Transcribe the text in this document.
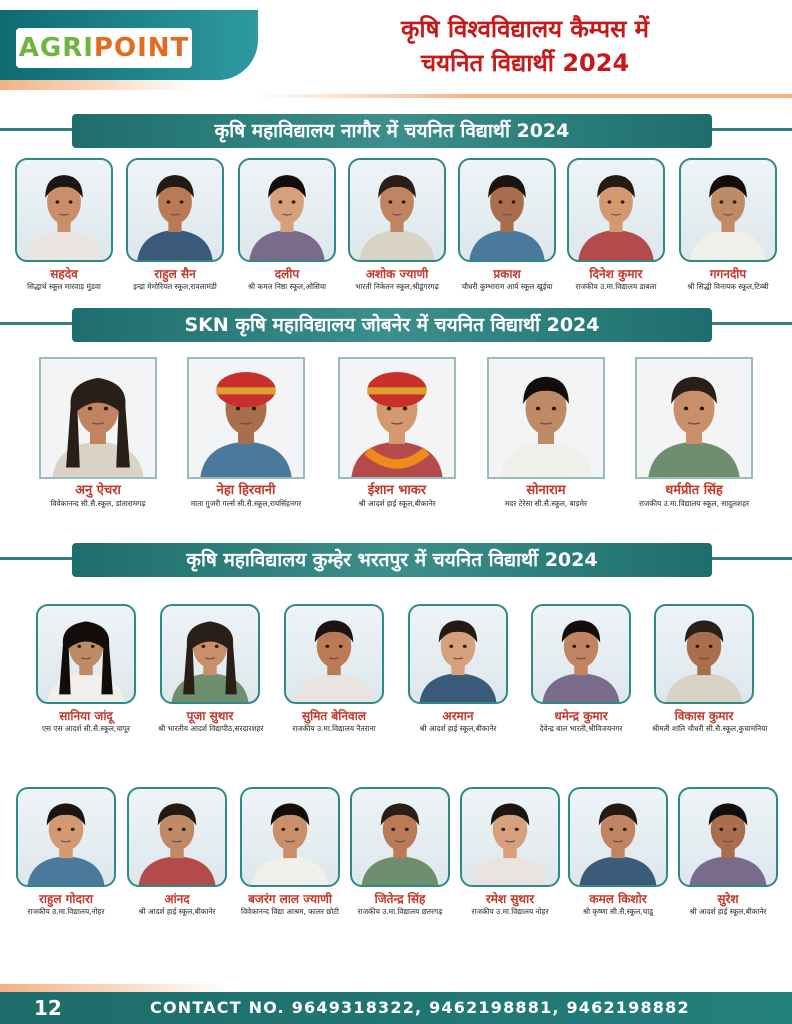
AGRI POINT
कृषि विश्वविद्यालय कैम्पस में
चयनित विद्यार्थी 2024
कृषि महाविद्यालय नागौर में चयनित विद्यार्थी 2024
सहदेव
सिद्धार्थ स्कूल मारवाड़ मुंडवा
राहुल सैन
इन्द्रा मेमोरियल स्कूल,रावलामंडी
दलीप
श्री कमल निष्ठा स्कूल,ओसिया
अशोक ज्याणी
भारती निकेतन स्कूल,श्रीडूंगरगढ़
प्रकाश
चौधरी कुम्भाराम आर्य स्कूल खुईया
दिनेश कुमार
राजकीय उ.मा.विद्यालय डाबला
गगनदीप
श्री सिद्धी विनायक स्कूल,टिब्बी
SKN कृषि महाविद्यालय जोबनेर में चयनित विद्यार्थी 2024
अनु ऐचरा
विवेकानन्द सी.सै.स्कूल, डांतारामगढ़
नेहा हिरवानी
माता गुजरी गर्ल्स सी.सै.स्कूल,रायसिंहनगर
ईशान भाकर
श्री आदर्श हाई स्कूल,बीकानेर
सोनाराम
मदर टेरेसा सी.सै.स्कूल, बाड़मेर
धर्मप्रीत सिंह
राजकीय उ.मा.विद्यालय स्कूल, सादुलशहर
कृषि महाविद्यालय कुम्हेर भरतपुर में चयनित विद्यार्थी 2024
सानिया जांदू
एस एस आदर्श सी.सै.स्कूल,चापूर
पूजा सुथार
श्री भारतीय आदर्श विद्यापीठ,सरदारशहर
सुमित बेनिवाल
राजकीय उ.मा.विद्यालय नैतराना
अरमान
श्री आदर्श हाई स्कूल,बीकानेर
धमेन्द्र कुमार
देवेन्द्र बाल भारती,श्रीविजयनगर
विकास कुमार
श्रीमती शांति चौधरी सी.सै.स्कूल,कुचामनिया
राहुल गोदारा
राजकीय उ.मा.विद्यालय,नोहर
आंनद
श्री आदर्श हाई स्कूल,बीकानेर
बजरंग लाल ज्याणी
विवेकानन्द विद्या आश्रम, कालर छोटी
जितेन्द्र सिंह
राजकीय उ.मा.विद्यालय छतरगढ़
रमेश सुथार
राजकीय उ.मा.विद्यालय नोहर
कमल किशोर
श्री कृष्णा सी.सै.स्कूल,चाडू
सुरेश
श्री आदर्श हाई स्कूल,बीकानेर
12	CONTACT NO. 9649318322, 9462198881, 9462198882
